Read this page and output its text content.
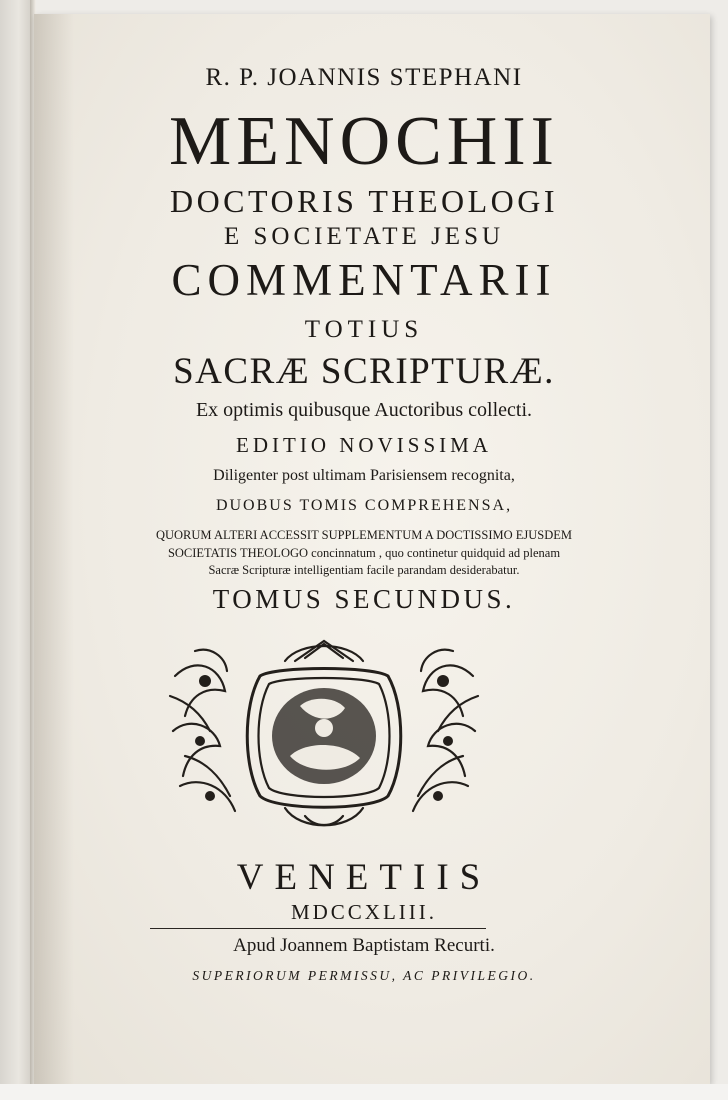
R. P. JOANNIS STEPHANI

MENOCHII

DOCTORIS THEOLOGI

E SOCIETATE JESU

COMMENTARII

TOTIUS

SACRÆ SCRIPTURÆ.

Ex optimis quibusque Auctoribus collecti.

EDITIO NOVISSIMA

Diligenter post ultimam Parisiensem recognita,

DUOBUS TOMIS COMPREHENSA,

QUORUM ALTERI ACCESSIT SUPPLEMENTUM A DOCTISSIMO EJUSDEM

SOCIETATIS THEOLOGO concinnatum , quo continetur quidquid ad plenam

Sacræ Scripturæ intelligentiam facile parandam desiderabatur.

TOMUS SECUNDUS.

VENETIIS

MDCCXLIII.

Apud Joannem Baptistam Recurti.

SUPERIORUM PERMISSU, AC PRIVILEGIO.
